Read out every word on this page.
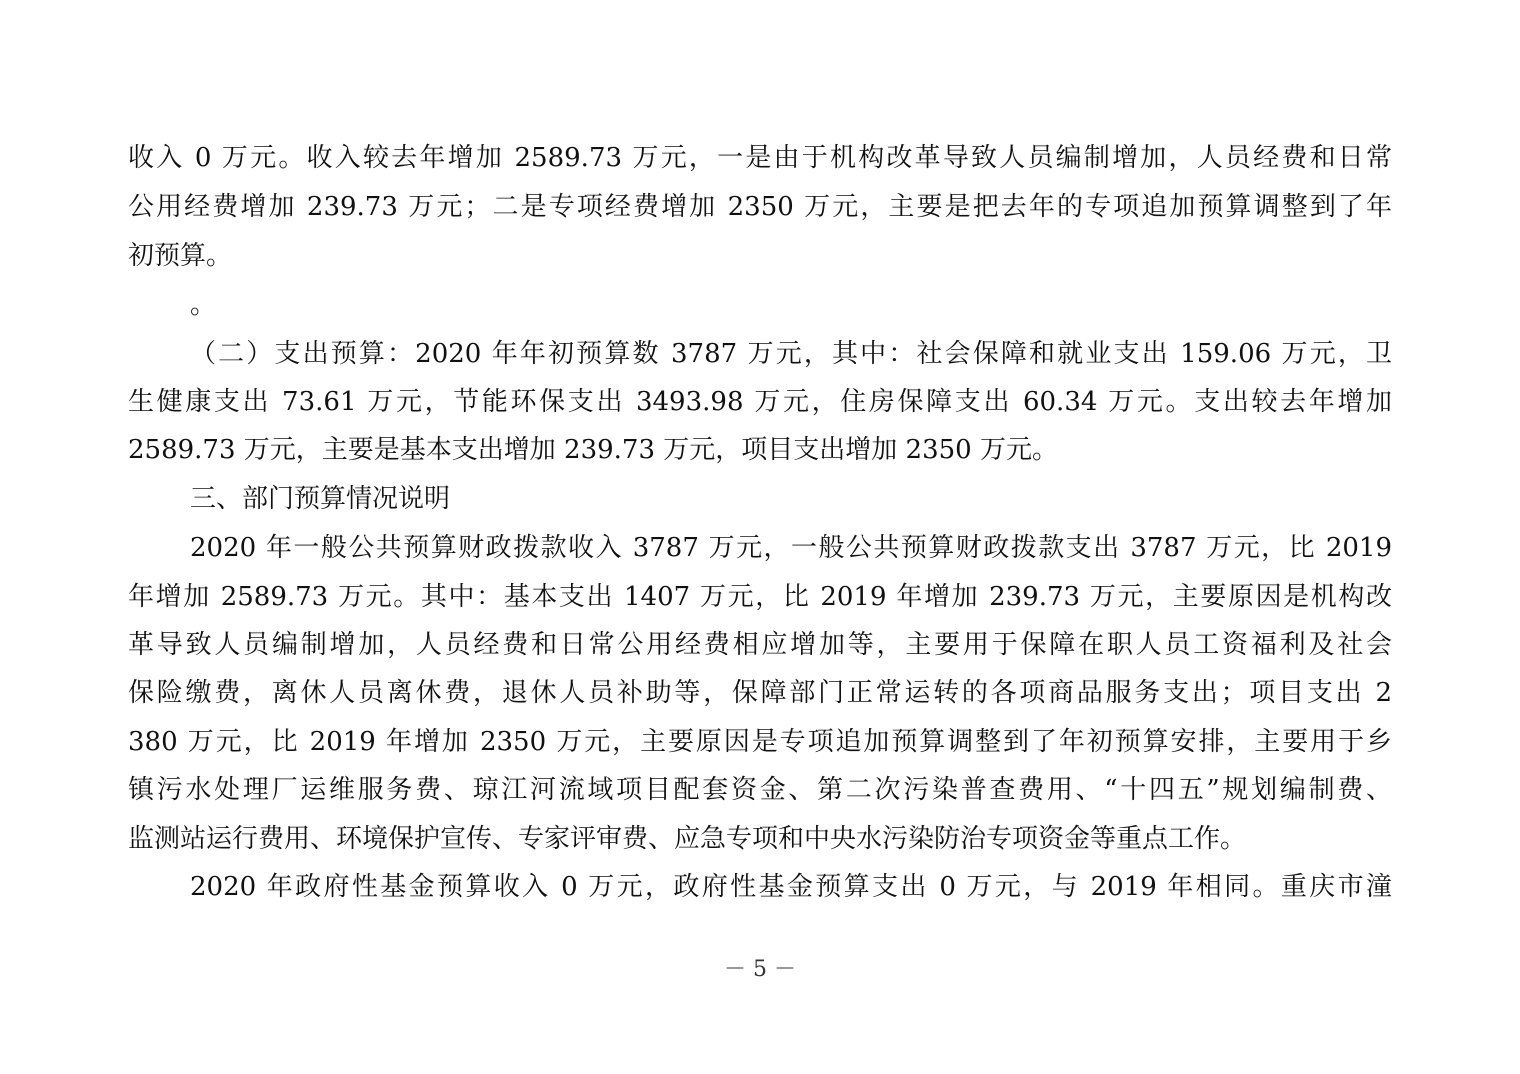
收入 0 万元。收入较去年增加 2589.73 万元，一是由于机构改革导致人员编制增加，人员经费和日常
公用经费增加 239.73 万元；二是专项经费增加 2350 万元，主要是把去年的专项追加预算调整到了年
初预算。
。
（二）支出预算：2020 年年初预算数 3787 万元，其中：社会保障和就业支出 159.06 万元，卫
生健康支出 73.61 万元，节能环保支出 3493.98 万元，住房保障支出 60.34 万元。支出较去年增加
2589.73 万元，主要是基本支出增加 239.73 万元，项目支出增加 2350 万元。
三、部门预算情况说明
2020 年一般公共预算财政拨款收入 3787 万元，一般公共预算财政拨款支出 3787 万元，比 2019
年增加 2589.73 万元。其中：基本支出 1407 万元，比 2019 年增加 239.73 万元，主要原因是机构改
革导致人员编制增加，人员经费和日常公用经费相应增加等，主要用于保障在职人员工资福利及社会
保险缴费，离休人员离休费，退休人员补助等，保障部门正常运转的各项商品服务支出；项目支出 2
380 万元，比 2019 年增加 2350 万元，主要原因是专项追加预算调整到了年初预算安排，主要用于乡
镇污水处理厂运维服务费、琼江河流域项目配套资金、第二次污染普查费用、“十四五”规划编制费、
监测站运行费用、环境保护宣传、专家评审费、应急专项和中央水污染防治专项资金等重点工作。
2020 年政府性基金预算收入 0 万元，政府性基金预算支出 0 万元，与 2019 年相同。重庆市潼
－ 5 －
